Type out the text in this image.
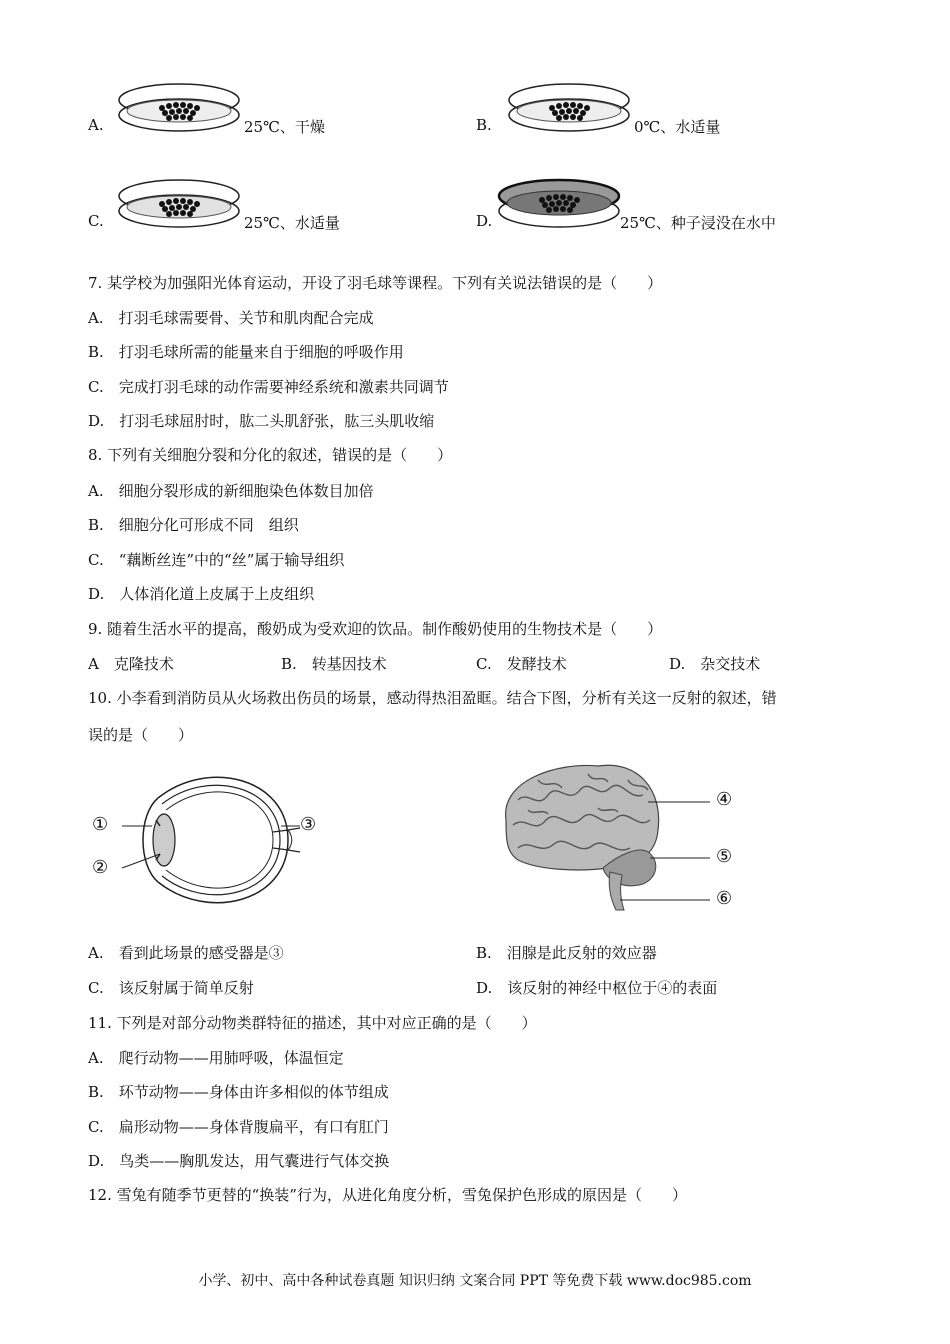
A.	25℃、干燥	B.	0℃、水适量
C.	25℃、水适量	D.	25℃、种子浸没在水中
7. 某学校为加强阳光体育运动，开设了羽毛球等课程。下列有关说法错误的是（　　）
A.　打羽毛球需要骨、关节和肌肉配合完成
B.　打羽毛球所需的能量来自于细胞的呼吸作用
C.　完成打羽毛球的动作需要神经系统和激素共同调节
D.　打羽毛球屈肘时，肱二头肌舒张，肱三头肌收缩
8. 下列有关细胞分裂和分化的叙述，错误的是（　　）
A.　细胞分裂形成的新细胞染色体数目加倍
B.　细胞分化可形成不同　组织
C.　“藕断丝连”中的“丝”属于输导组织
D.　人体消化道上皮属于上皮组织
9. 随着生活水平的提高，酸奶成为受欢迎的饮品。制作酸奶使用的生物技术是（　　）
A　克隆技术	B.　转基因技术	C.　发酵技术	D.　杂交技术
10. 小李看到消防员从火场救出伤员的场景，感动得热泪盈眶。结合下图，分析有关这一反射的叙述，错
误的是（　　）
①
②
③
④
⑤
⑥
A.　看到此场景的感受器是③	B.　泪腺是此反射的效应器
C.　该反射属于简单反射	D.　该反射的神经中枢位于④的表面
11. 下列是对部分动物类群特征的描述，其中对应正确的是（　　）
A.　爬行动物——用肺呼吸，体温恒定
B.　环节动物——身体由许多相似的体节组成
C.　扁形动物——身体背腹扁平，有口有肛门
D.　鸟类——胸肌发达，用气囊进行气体交换
12. 雪兔有随季节更替的“换装”行为，从进化角度分析，雪兔保护色形成的原因是（　　）
小学、初中、高中各种试卷真题 知识归纳 文案合同 PPT 等免费下载 www.doc985.com
